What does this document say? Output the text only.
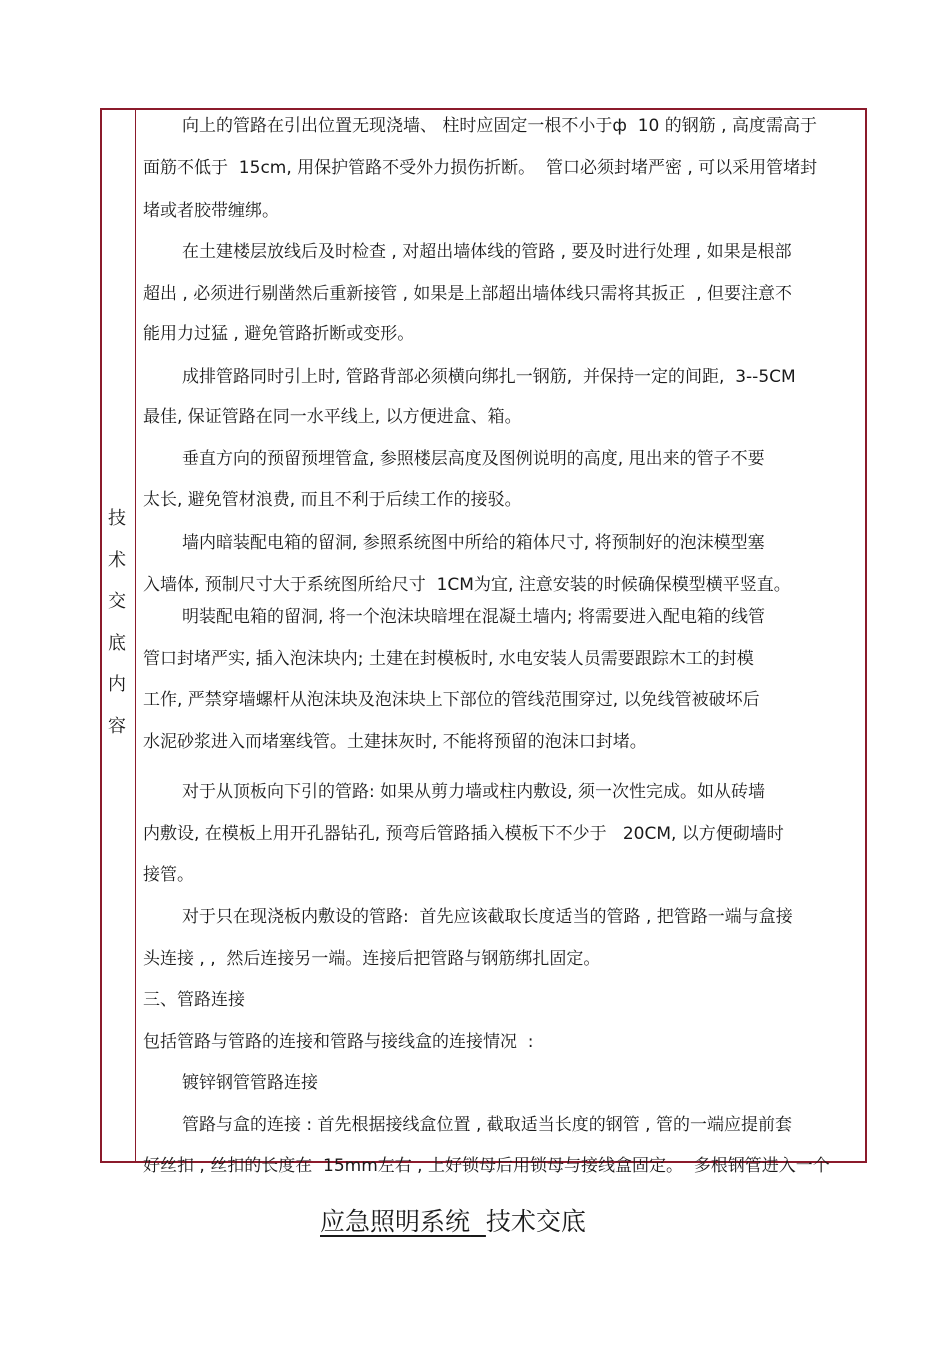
技
术
交
底
内
容
向上的管路在引出位置无现浇墙、 柱时应固定一根不小于ф  10 的钢筋 , 高度需高于
面筋不低于  15cm, 用保护管路不受外力损伤折断。  管口必须封堵严密 , 可以采用管堵封
堵或者胶带缠绑。
在土建楼层放线后及时检查 , 对超出墙体线的管路 , 要及时进行处理 , 如果是根部
超出 , 必须进行剔凿然后重新接管 , 如果是上部超出墙体线只需将其扳正  , 但要注意不
能用力过猛 , 避免管路折断或变形。
成排管路同时引上时, 管路背部必须横向绑扎一钢筋,  并保持一定的间距,  3--5CM
最佳, 保证管路在同一水平线上, 以方便进盒、箱。
垂直方向的预留预埋管盒, 参照楼层高度及图例说明的高度, 甩出来的管子不要
太长, 避免管材浪费, 而且不利于后续工作的接驳。
墙内暗装配电箱的留洞, 参照系统图中所给的箱体尺寸, 将预制好的泡沫模型塞
入墙体, 预制尺寸大于系统图所给尺寸  1CM为宜, 注意安装的时候确保模型横平竖直。
明装配电箱的留洞, 将一个泡沫块暗埋在混凝土墙内; 将需要进入配电箱的线管
管口封堵严实, 插入泡沫块内; 土建在封模板时, 水电安装人员需要跟踪木工的封模
工作, 严禁穿墙螺杆从泡沫块及泡沫块上下部位的管线范围穿过, 以免线管被破坏后
水泥砂浆进入而堵塞线管。土建抹灰时, 不能将预留的泡沫口封堵。
对于从顶板向下引的管路: 如果从剪力墙或柱内敷设, 须一次性完成。如从砖墙
内敷设, 在模板上用开孔器钻孔, 预弯后管路插入模板下不少于   20CM, 以方便砌墙时
接管。
对于只在现浇板内敷设的管路:  首先应该截取长度适当的管路 , 把管路一端与盒接
头连接 , ,  然后连接另一端。连接后把管路与钢筋绑扎固定。
三、管路连接
包括管路与管路的连接和管路与接线盒的连接情况  :
镀锌钢管管路连接
管路与盒的连接 : 首先根据接线盒位置 , 截取适当长度的钢管 , 管的一端应提前套
好丝扣 , 丝扣的长度在  15mm左右 , 上好锁母后用锁母与接线盒固定。  多根钢管进入一个
应急照明系统 技术交底
